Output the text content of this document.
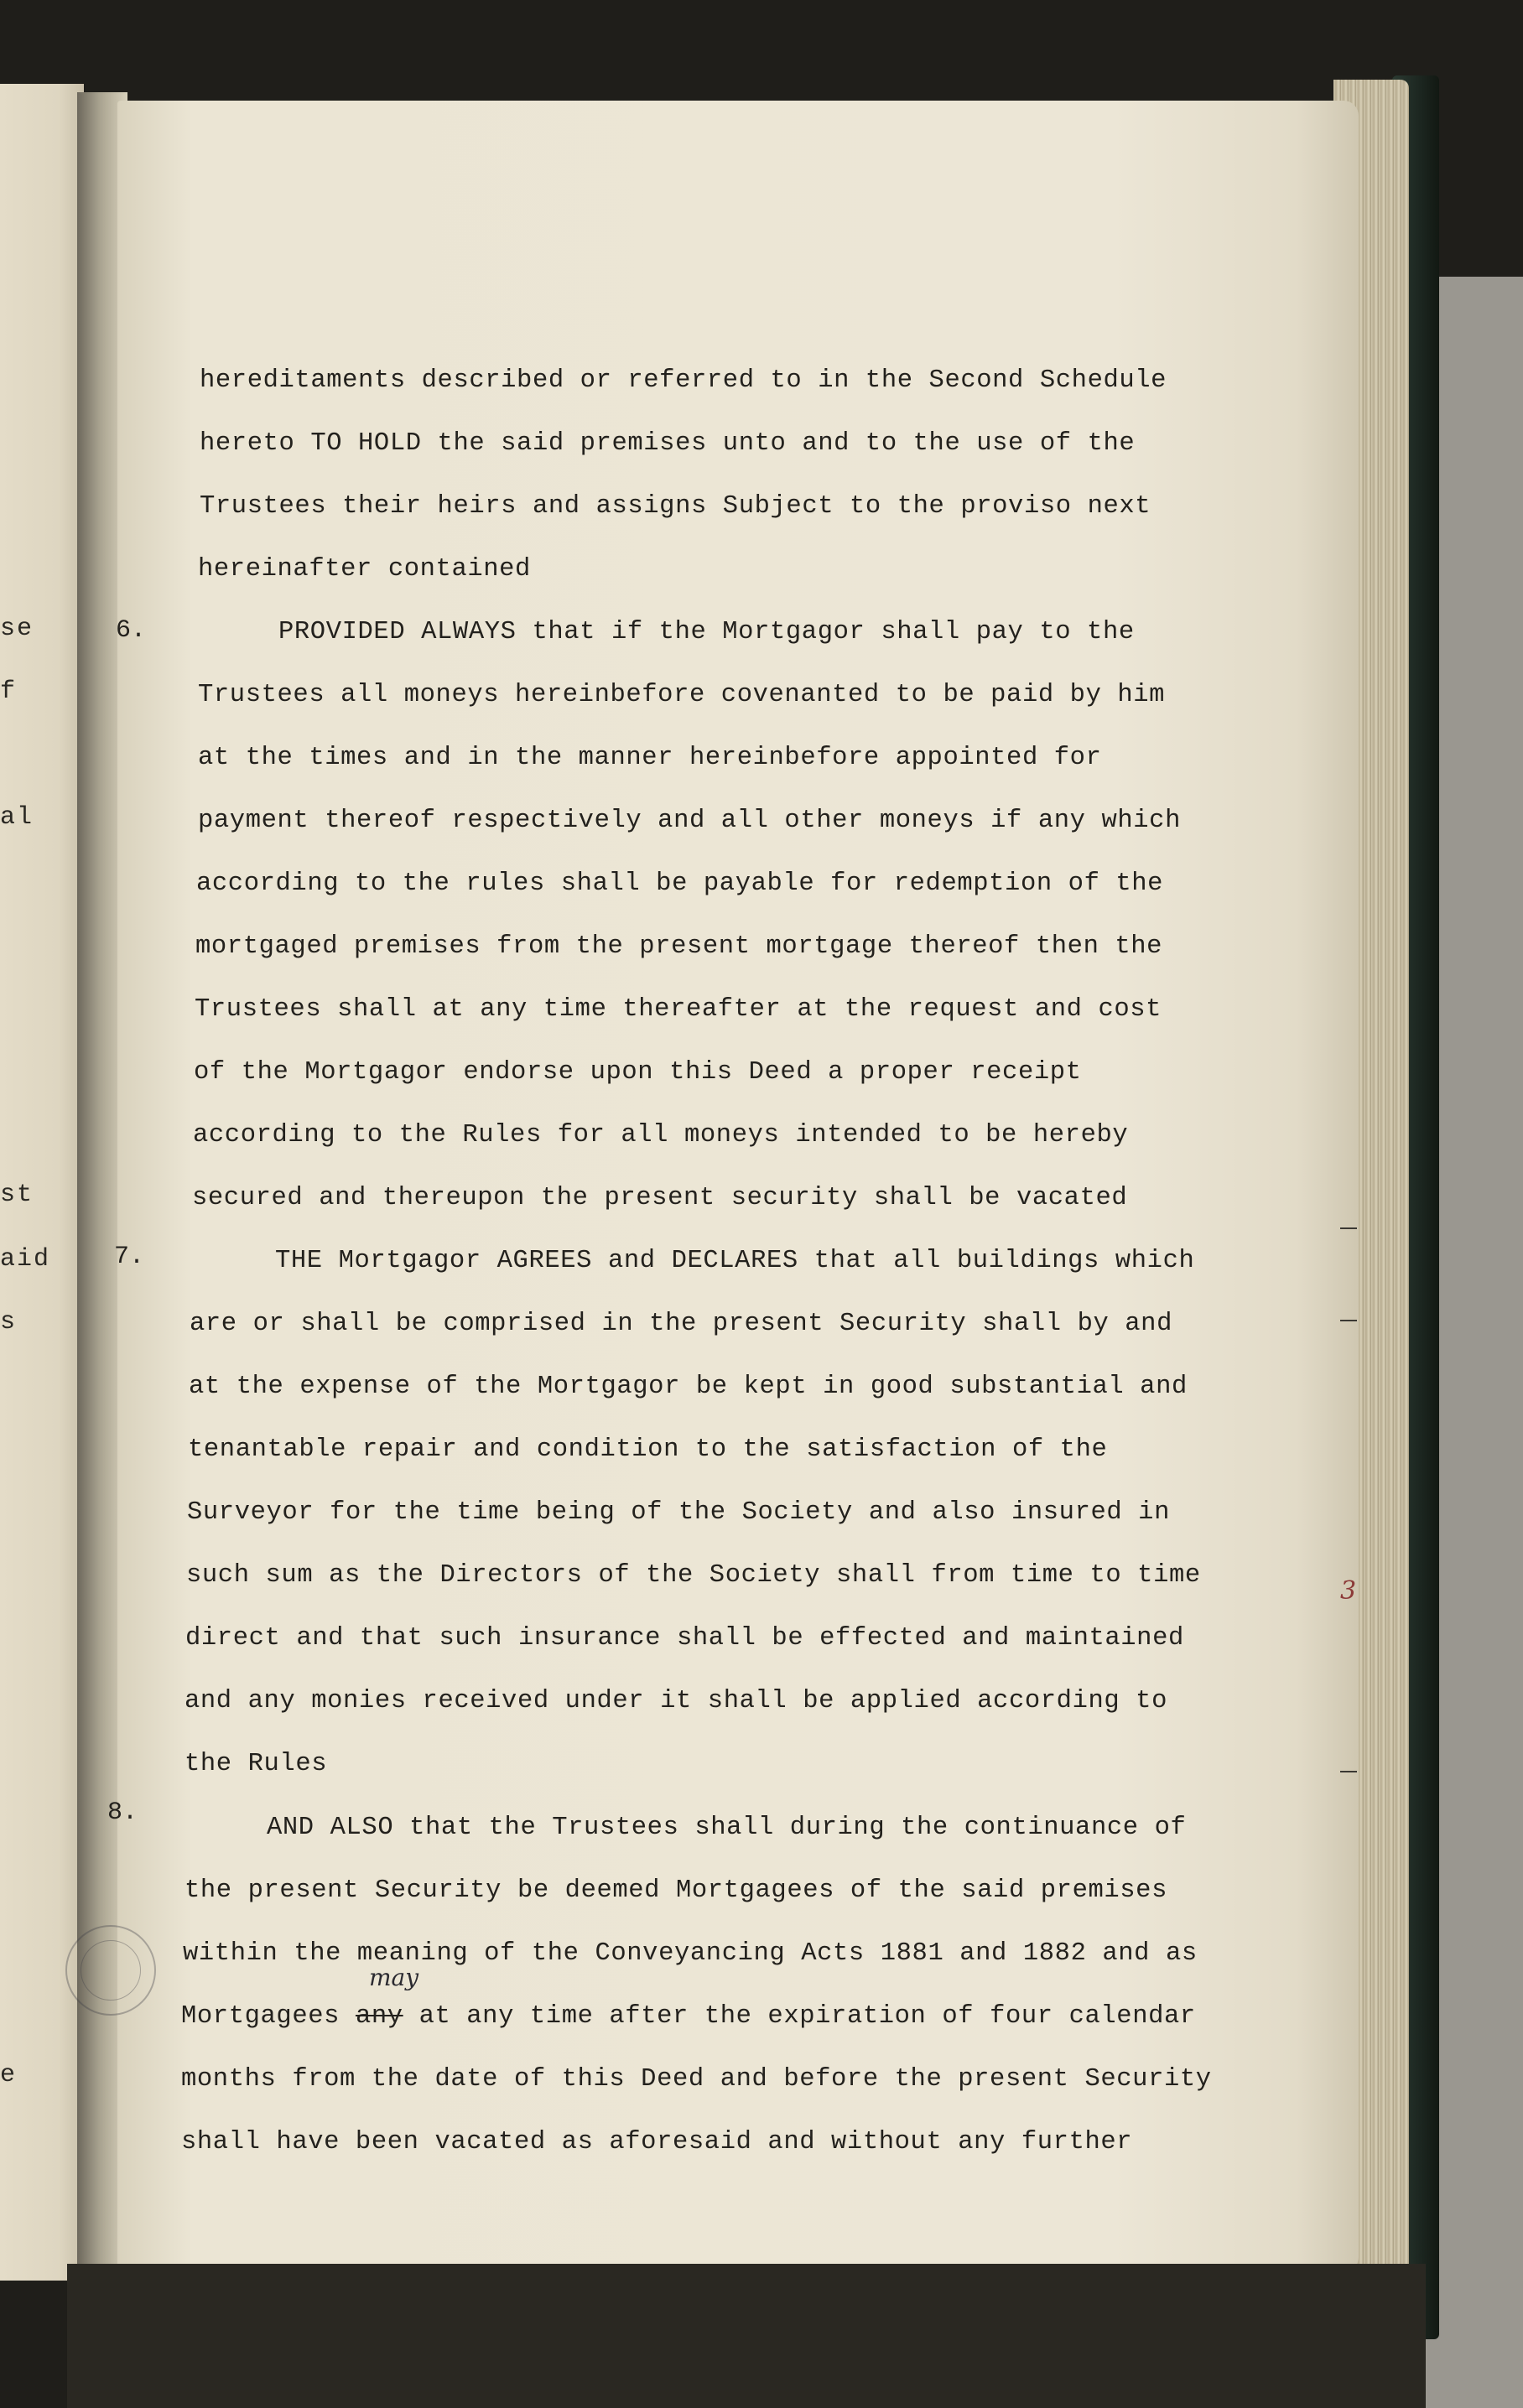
se
f
al
st
aid
s
e
6.
7.
8.
hereditaments described or referred to in the Second Schedule
hereto TO HOLD the said premises unto and to the use of the
Trustees their heirs and assigns Subject to the proviso next
hereinafter contained
PROVIDED ALWAYS that if the Mortgagor shall pay to the
Trustees all moneys hereinbefore covenanted to be paid by him
at the times and in the manner hereinbefore appointed for
payment thereof respectively and all other moneys if any which
according to the rules shall be payable for redemption of the
mortgaged premises from the present mortgage thereof then the
Trustees shall at any time thereafter at the request and cost
of the Mortgagor endorse upon this Deed a proper receipt
according to the Rules for all moneys intended to be hereby
secured and thereupon the present security shall be vacated
THE Mortgagor AGREES and DECLARES that all buildings which
are or shall be comprised in the present Security shall by and
at the expense of the Mortgagor be kept in good substantial and
tenantable repair and condition to the satisfaction of the
Surveyor for the time being of the Society and also insured in
such sum as the Directors of the Society shall from time to time
direct and that such insurance shall be effected and maintained
and any monies received under it shall be applied according to
the Rules
AND ALSO that the Trustees shall during the continuance of
the present Security be deemed Mortgagees of the said premises
within the meaning of the Conveyancing Acts 1881 and 1882 and as
Mortgagees any at any time after the expiration of four calendar
may
months from the date of this Deed and before the present Security
shall have been vacated as aforesaid and without any further
3
